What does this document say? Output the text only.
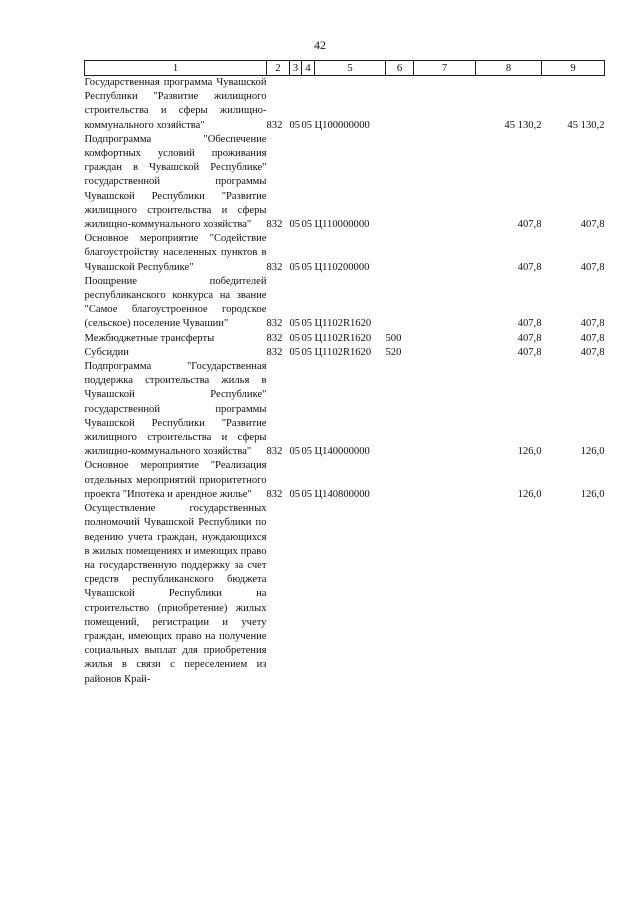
42
1	2	3	4	5	6	7	8	9
Государственная программа Чувашской Республики "Развитие жилищного строительства и сферы жилищно-коммунального хозяйства"	832	05	05	Ц100000000			45 130,2	45 130,2
Подпрограмма "Обеспечение комфортных условий проживания граждан в Чувашской Республике" государственной программы Чувашской Республики "Развитие жилищного строительства и сферы жилищно-коммунального хозяйства"	832	05	05	Ц110000000			407,8	407,8
Основное мероприятие "Содействие благоустройству населенных пунктов в Чувашской Республике"	832	05	05	Ц110200000			407,8	407,8
Поощрение победителей республиканского конкурса на звание "Самое благоустроенное городское (сельское) поселение Чувашии"	832	05	05	Ц1102R1620			407,8	407,8
Межбюджетные трансферты	832	05	05	Ц1102R1620	500		407,8	407,8
Субсидии	832	05	05	Ц1102R1620	520		407,8	407,8
Подпрограмма "Государственная поддержка строительства жилья в Чувашской Республике" государственной программы Чувашской Республики "Развитие жилищного строительства и сферы жилищно-коммунального хозяйства"	832	05	05	Ц140000000			126,0	126,0
Основное мероприятие "Реализация отдельных мероприятий приоритетного проекта "Ипотека и арендное жилье"	832	05	05	Ц140800000			126,0	126,0
Осуществление государственных полномочий Чувашской Республики по ведению учета граждан, нуждающихся в жилых помещениях и имеющих право на государственную поддержку за счет средств республиканского бюджета Чувашской Республики на строительство (приобретение) жилых помещений, регистрации и учету граждан, имеющих право на получение социальных выплат для приобретения жилья в связи с переселением из районов Край-								
